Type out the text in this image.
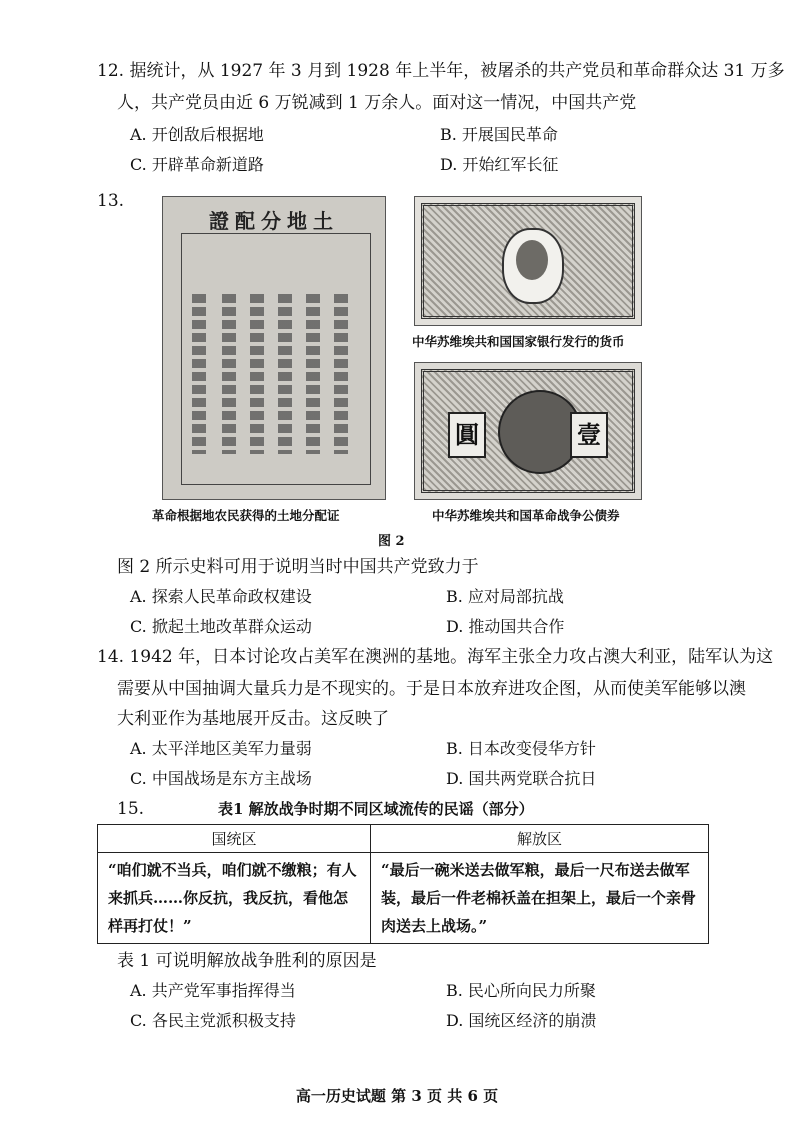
12. 据统计，从 1927 年 3 月到 1928 年上半年，被屠杀的共产党员和革命群众达 31 万多
人，共产党员由近 6 万锐减到 1 万余人。面对这一情况，中国共产党
A. 开创敌后根据地	B. 开展国民革命
C. 开辟革命新道路	D. 开始红军长征
13.
證配分地土
圓	壹
中华苏维埃共和国国家银行发行的货币
革命根据地农民获得的土地分配证	中华苏维埃共和国革命战争公债券
图 2
图 2 所示史料可用于说明当时中国共产党致力于
A. 探索人民革命政权建设	B. 应对局部抗战
C. 掀起土地改革群众运动	D. 推动国共合作
14. 1942 年，日本讨论攻占美军在澳洲的基地。海军主张全力攻占澳大利亚，陆军认为这
需要从中国抽调大量兵力是不现实的。于是日本放弃进攻企图，从而使美军能够以澳
大利亚作为基地展开反击。这反映了
A. 太平洋地区美军力量弱	B. 日本改变侵华方针
C. 中国战场是东方主战场	D. 国共两党联合抗日
15.	表1 解放战争时期不同区域流传的民谣（部分）
国统区	解放区
“咱们就不当兵，咱们就不缴粮；有人来抓兵……你反抗，我反抗，看他怎样再打仗！”	“最后一碗米送去做军粮，最后一尺布送去做军装，最后一件老棉袄盖在担架上，最后一个亲骨肉送去上战场。”
表 1 可说明解放战争胜利的原因是
A. 共产党军事指挥得当	B. 民心所向民力所聚
C. 各民主党派积极支持	D. 国统区经济的崩溃
高一历史试题 第 3 页 共 6 页
